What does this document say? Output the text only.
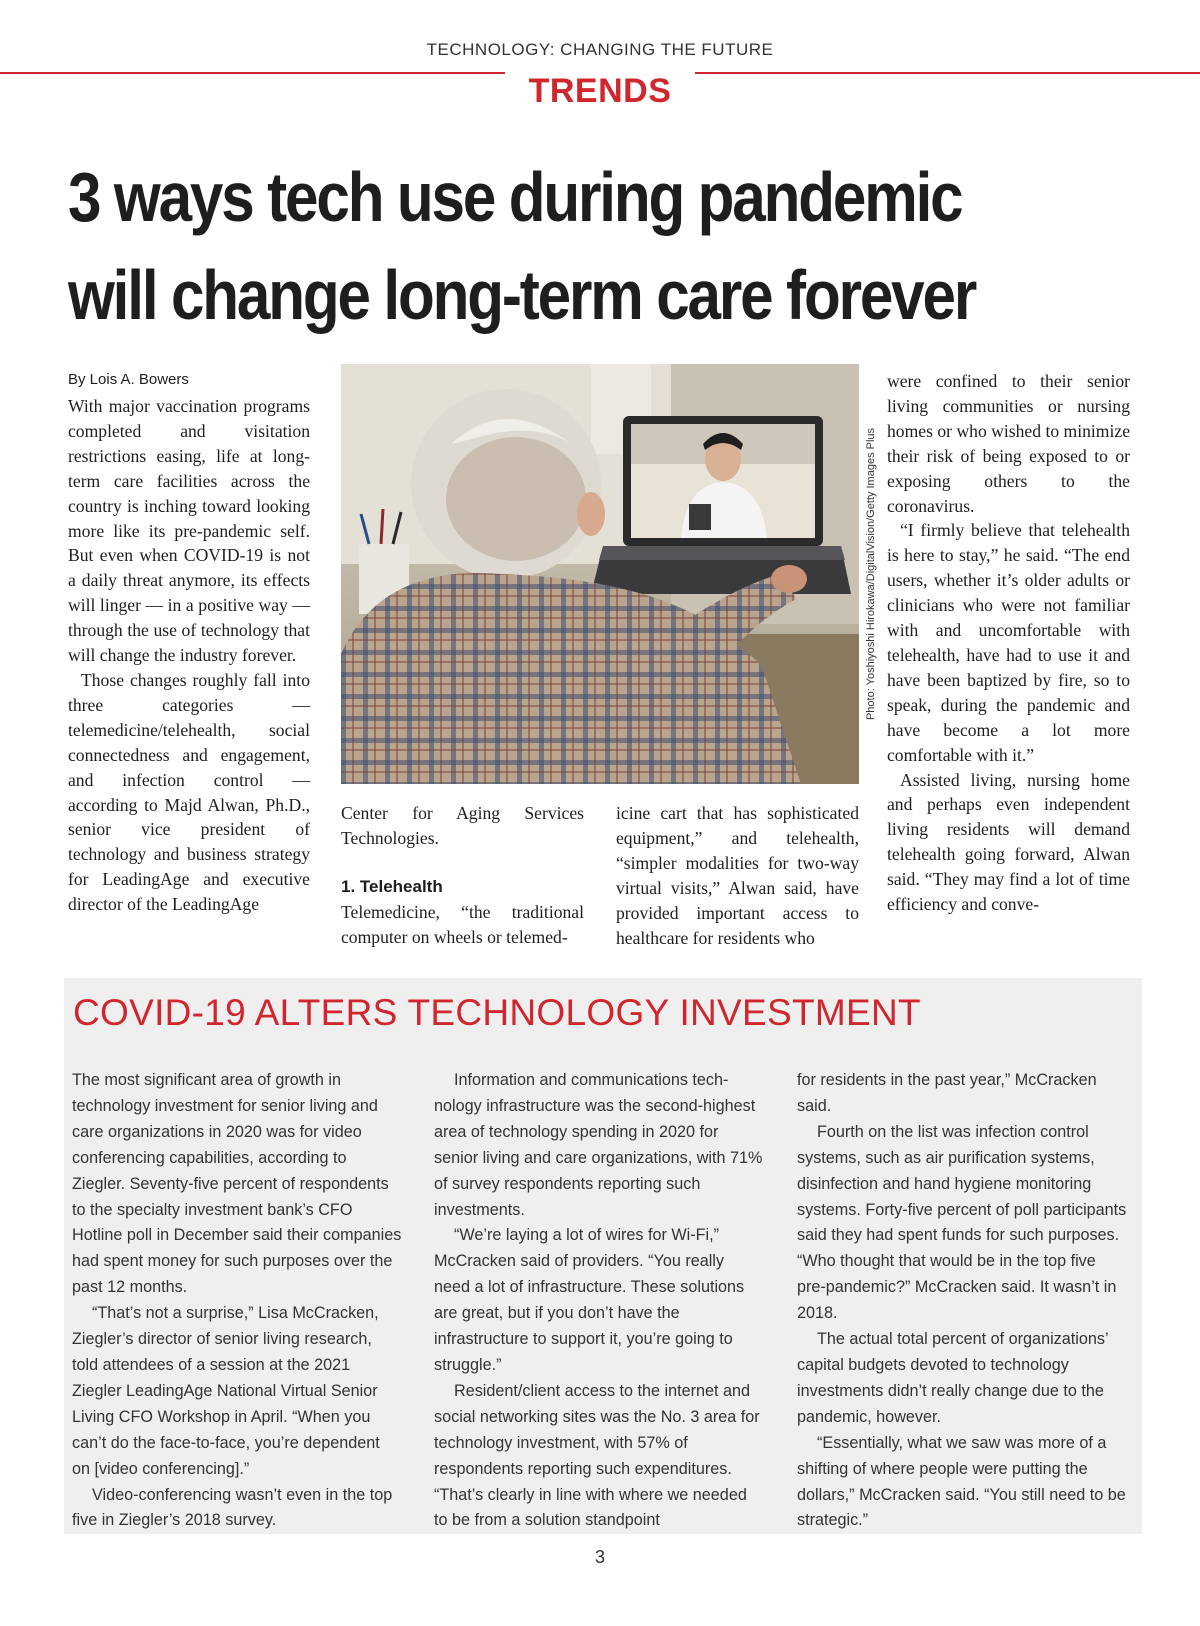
TECHNOLOGY: CHANGING THE FUTURE
TRENDS
3 ways tech use during pandemic
will change long-term care forever
By Lois A. Bowers

With major vaccination programs completed and visitation restrictions easing, life at long-term care facilities across the country is inching toward looking more like its pre-pandemic self. But even when COVID-19 is not a daily threat anymore, its effects will linger — in a positive way — through the use of technology that will change the industry forever.

Those changes roughly fall into three categories — telemedicine/telehealth, social connectedness and engagement, and infection control — according to Majd Alwan, Ph.D., senior vice president of technology and business strategy for LeadingAge and executive director of the LeadingAge

Photo: Yoshiyoshi Hirokawa/DigitalVision/Getty Images Plus

Center for Aging Services Technologies.

1. Telehealth

Telemedicine, “the traditional computer on wheels or telemed-

icine cart that has sophisticated equipment,” and telehealth, “simpler modalities for two-way virtual visits,” Alwan said, have provided important access to healthcare for residents who

were confined to their senior living communities or nursing homes or who wished to minimize their risk of being exposed to or exposing others to the coronavirus.

“I firmly believe that telehealth is here to stay,” he said. “The end users, whether it’s older adults or clinicians who were not familiar with and uncomfortable with telehealth, have had to use it and have been baptized by fire, so to speak, during the pandemic and have become a lot more comfortable with it.”

Assisted living, nursing home and perhaps even independent living residents will demand telehealth going forward, Alwan said. “They may find a lot of time efficiency and conve-

COVID-19 ALTERS TECHNOLOGY INVESTMENT

The most significant area of growth in technology investment for senior living and care organizations in 2020 was for video conferencing capabilities, according to Ziegler. Seventy-five percent of respondents to the specialty investment bank’s CFO Hotline poll in December said their companies had spent money for such purposes over the past 12 months.

“That’s not a surprise,” Lisa McCracken, Ziegler’s director of senior living research, told attendees of a session at the 2021 Ziegler LeadingAge National Virtual Senior Living CFO Workshop in April. “When you can’t do the face-to-face, you’re dependent on [video conferencing].”

Video-conferencing wasn’t even in the top five in Ziegler’s 2018 survey.

Information and communications technology infrastructure was the second-highest area of technology spending in 2020 for senior living and care organizations, with 71% of survey respondents reporting such investments.

“We’re laying a lot of wires for Wi-Fi,” McCracken said of providers. “You really need a lot of infrastructure. These solutions are great, but if you don’t have the infrastructure to support it, you’re going to struggle.”

Resident/client access to the internet and social networking sites was the No. 3 area for technology investment, with 57% of respondents reporting such expenditures. “That’s clearly in line with where we needed to be from a solution standpoint

for residents in the past year,” McCracken said.

Fourth on the list was infection control systems, such as air purification systems, disinfection and hand hygiene monitoring systems. Forty-five percent of poll participants said they had spent funds for such purposes. “Who thought that would be in the top five pre-pandemic?” McCracken said. It wasn’t in 2018.

The actual total percent of organizations’ capital budgets devoted to technology investments didn’t really change due to the pandemic, however.

“Essentially, what we saw was more of a shifting of where people were putting the dollars,” McCracken said. “You still need to be strategic.”

3
